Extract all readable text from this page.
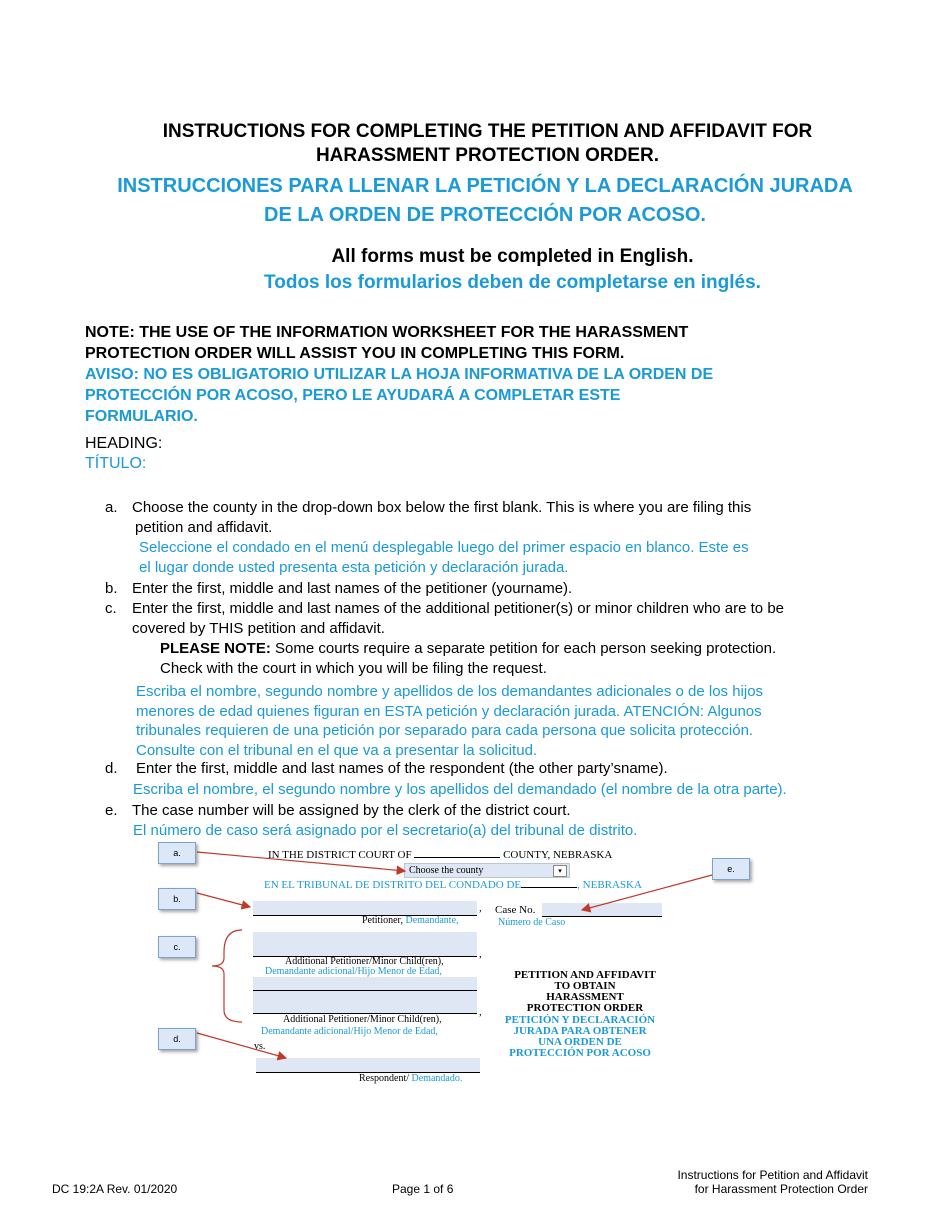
INSTRUCTIONS FOR COMPLETING THE PETITION AND AFFIDAVIT FOR
HARASSMENT PROTECTION ORDER.
INSTRUCCIONES PARA LLENAR LA PETICIÓN Y LA DECLARACIÓN JURADA
DE LA ORDEN DE PROTECCIÓN POR ACOSO.
All forms must be completed in English.
Todos los formularios deben de completarse en inglés.
NOTE: THE USE OF THE INFORMATION WORKSHEET FOR THE HARASSMENT
PROTECTION ORDER WILL ASSIST YOU IN COMPLETING THIS FORM.
AVISO: NO ES OBLIGATORIO UTILIZAR LA HOJA INFORMATIVA DE LA ORDEN DE
PROTECCIÓN POR ACOSO, PERO LE AYUDARÁ A COMPLETAR ESTE
FORMULARIO.
HEADING:
TÍTULO:
a. Choose the county in the drop-down box below the first blank. This is where you are filing this
petition and affidavit.
Seleccione el condado en el menú desplegable luego del primer espacio en blanco. Este es
el lugar donde usted presenta esta petición y declaración jurada.
b. Enter the first, middle and last names of the petitioner (yourname).
c. Enter the first, middle and last names of the additional petitioner(s) or minor children who are to be
covered by THIS petition and affidavit.
PLEASE NOTE: Some courts require a separate petition for each person seeking protection.
Check with the court in which you will be filing the request.
Escriba el nombre, segundo nombre y apellidos de los demandantes adicionales o de los hijos
menores de edad quienes figuran en ESTA petición y declaración jurada. ATENCIÓN: Algunos
tribunales requieren de una petición por separado para cada persona que solicita protección.
Consulte con el tribunal en el que va a presentar la solicitud.
d. Enter the first, middle and last names of the respondent (the other party’sname).
Escriba el nombre, el segundo nombre y los apellidos del demandado (el nombre de la otra parte).
e. The case number will be assigned by the clerk of the district court.
El número de caso será asignado por el secretario(a) del tribunal de distrito.
IN THE DISTRICT COURT OF	COUNTY, NEBRASKA
Choose the county	▾
EN EL TRIBUNAL DE DISTRITO DEL CONDADO DE	, NEBRASKA
,
Petitioner, Demandante,
Case No.
Número de Caso
,
Additional Petitioner/Minor Child(ren),
Demandante adicional/Hijo Menor de Edad,
,
Additional Petitioner/Minor Child(ren),
Demandante adicional/Hijo Menor de Edad,
vs.
Respondent/ Demandado.
PETITION AND AFFIDAVIT
TO OBTAIN
HARASSMENT
PROTECTION ORDER
PETICIÓN Y DECLARACIÓN
JURADA PARA OBTENER
UNA ORDEN DE
PROTECCIÓN POR ACOSO
a.
b.
c.
d.
e.
DC 19:2A Rev. 01/2020	Page 1 of 6
Instructions for Petition and Affidavit
for Harassment Protection Order
